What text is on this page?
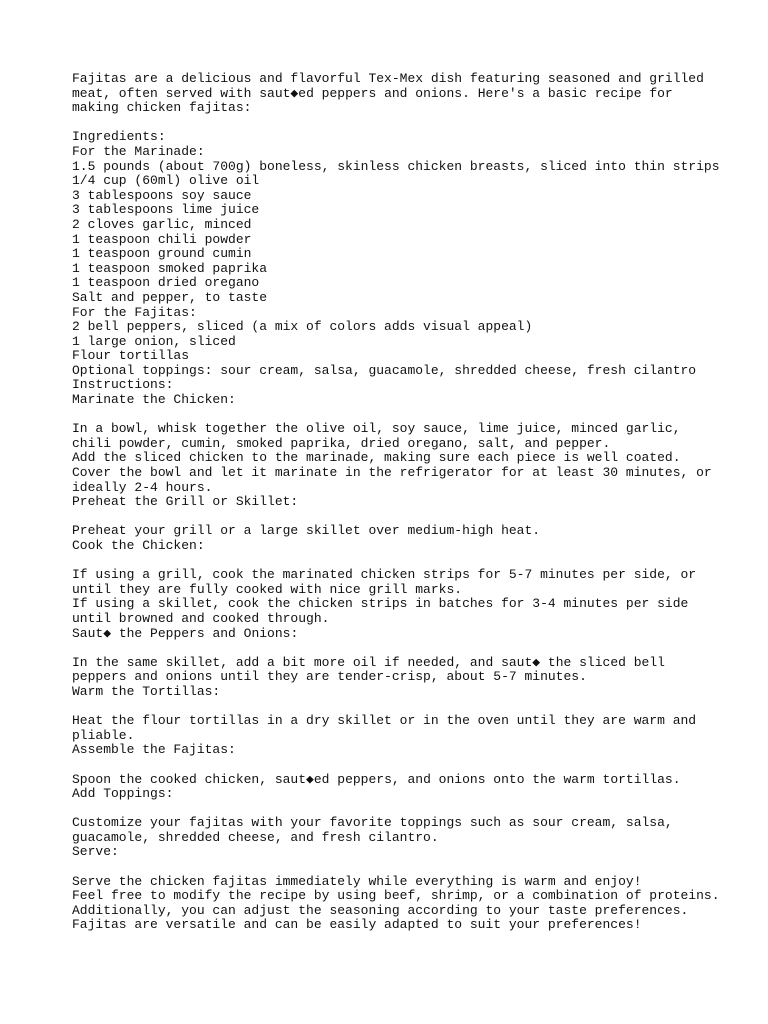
Fajitas are a delicious and flavorful Tex-Mex dish featuring seasoned and grilled
meat, often served with saut◆ed peppers and onions. Here's a basic recipe for
making chicken fajitas:
Ingredients:
For the Marinade:
1.5 pounds (about 700g) boneless, skinless chicken breasts, sliced into thin strips
1/4 cup (60ml) olive oil
3 tablespoons soy sauce
3 tablespoons lime juice
2 cloves garlic, minced
1 teaspoon chili powder
1 teaspoon ground cumin
1 teaspoon smoked paprika
1 teaspoon dried oregano
Salt and pepper, to taste
For the Fajitas:
2 bell peppers, sliced (a mix of colors adds visual appeal)
1 large onion, sliced
Flour tortillas
Optional toppings: sour cream, salsa, guacamole, shredded cheese, fresh cilantro
Instructions:
Marinate the Chicken:
In a bowl, whisk together the olive oil, soy sauce, lime juice, minced garlic,
chili powder, cumin, smoked paprika, dried oregano, salt, and pepper.
Add the sliced chicken to the marinade, making sure each piece is well coated.
Cover the bowl and let it marinate in the refrigerator for at least 30 minutes, or
ideally 2-4 hours.
Preheat the Grill or Skillet:
Preheat your grill or a large skillet over medium-high heat.
Cook the Chicken:
If using a grill, cook the marinated chicken strips for 5-7 minutes per side, or
until they are fully cooked with nice grill marks.
If using a skillet, cook the chicken strips in batches for 3-4 minutes per side
until browned and cooked through.
Saut◆ the Peppers and Onions:
In the same skillet, add a bit more oil if needed, and saut◆ the sliced bell
peppers and onions until they are tender-crisp, about 5-7 minutes.
Warm the Tortillas:
Heat the flour tortillas in a dry skillet or in the oven until they are warm and
pliable.
Assemble the Fajitas:
Spoon the cooked chicken, saut◆ed peppers, and onions onto the warm tortillas.
Add Toppings:
Customize your fajitas with your favorite toppings such as sour cream, salsa,
guacamole, shredded cheese, and fresh cilantro.
Serve:
Serve the chicken fajitas immediately while everything is warm and enjoy!
Feel free to modify the recipe by using beef, shrimp, or a combination of proteins.
Additionally, you can adjust the seasoning according to your taste preferences.
Fajitas are versatile and can be easily adapted to suit your preferences!
